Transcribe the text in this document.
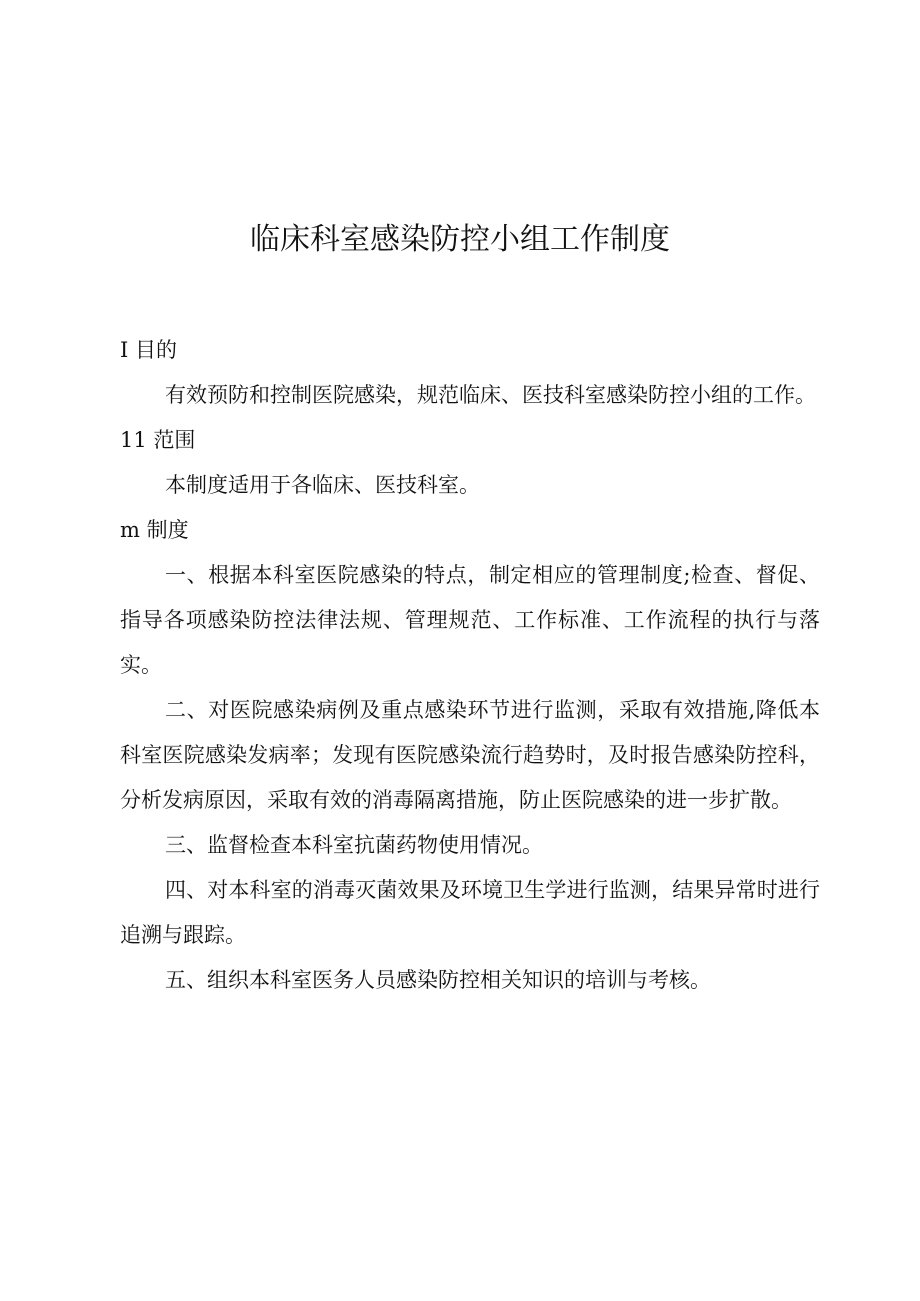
临床科室感染防控小组工作制度

I 目的

有效预防和控制医院感染，规范临床、医技科室感染防控小组的工作。

11 范围

本制度适用于各临床、医技科室。

m 制度

一、根据本科室医院感染的特点，制定相应的管理制度;检查、督促、指导各项感染防控法律法规、管理规范、工作标准、工作流程的执行与落实。

二、对医院感染病例及重点感染环节进行监测，采取有效措施,降低本科室医院感染发病率；发现有医院感染流行趋势时，及时报告感染防控科，分析发病原因，采取有效的消毒隔离措施，防止医院感染的进一步扩散。

三、监督检查本科室抗菌药物使用情况。

四、对本科室的消毒灭菌效果及环境卫生学进行监测，结果异常时进行追溯与跟踪。

五、组织本科室医务人员感染防控相关知识的培训与考核。
